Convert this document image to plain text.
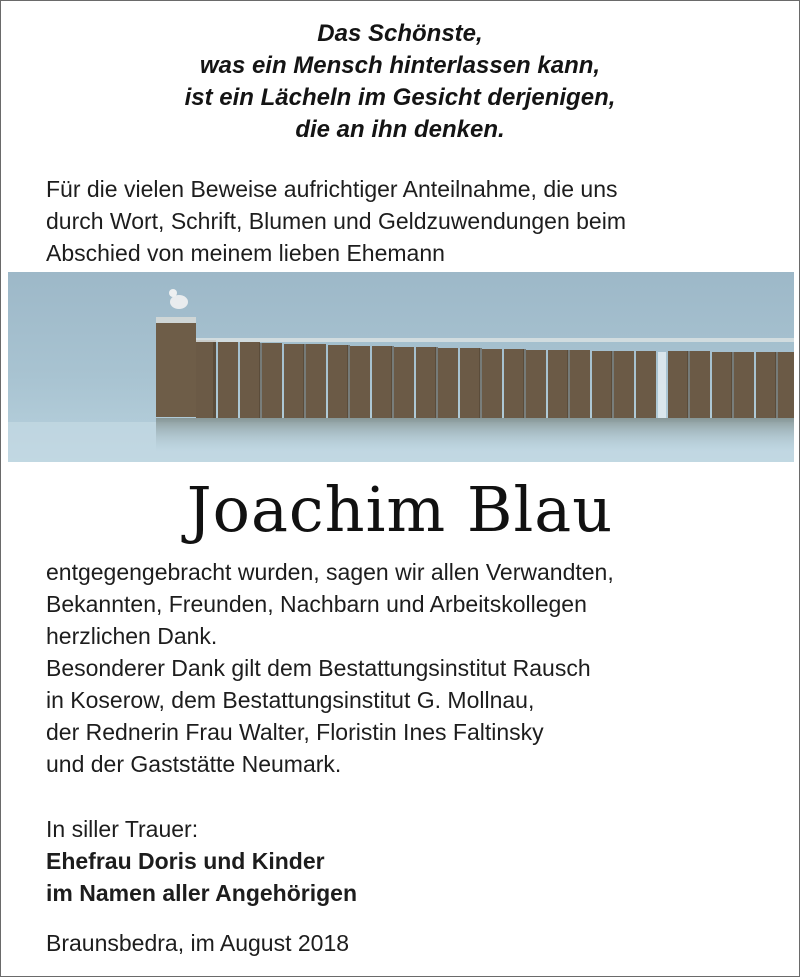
Das Schönste,
was ein Mensch hinterlassen kann,
ist ein Lächeln im Gesicht derjenigen,
die an ihn denken.
Für die vielen Beweise aufrichtiger Anteilnahme, die uns
durch Wort, Schrift, Blumen und Geldzuwendungen beim
Abschied von meinem lieben Ehemann
Joachim Blau
entgegengebracht wurden, sagen wir allen Verwandten,
Bekannten, Freunden, Nachbarn und Arbeitskollegen
herzlichen Dank.
Besonderer Dank gilt dem Bestattungsinstitut Rausch
in Koserow, dem Bestattungsinstitut G. Mollnau,
der Rednerin Frau Walter, Floristin Ines Faltinsky
und der Gaststätte Neumark.
In siller Trauer:
Ehefrau Doris und Kinder
im Namen aller Angehörigen
Braunsbedra, im August 2018
